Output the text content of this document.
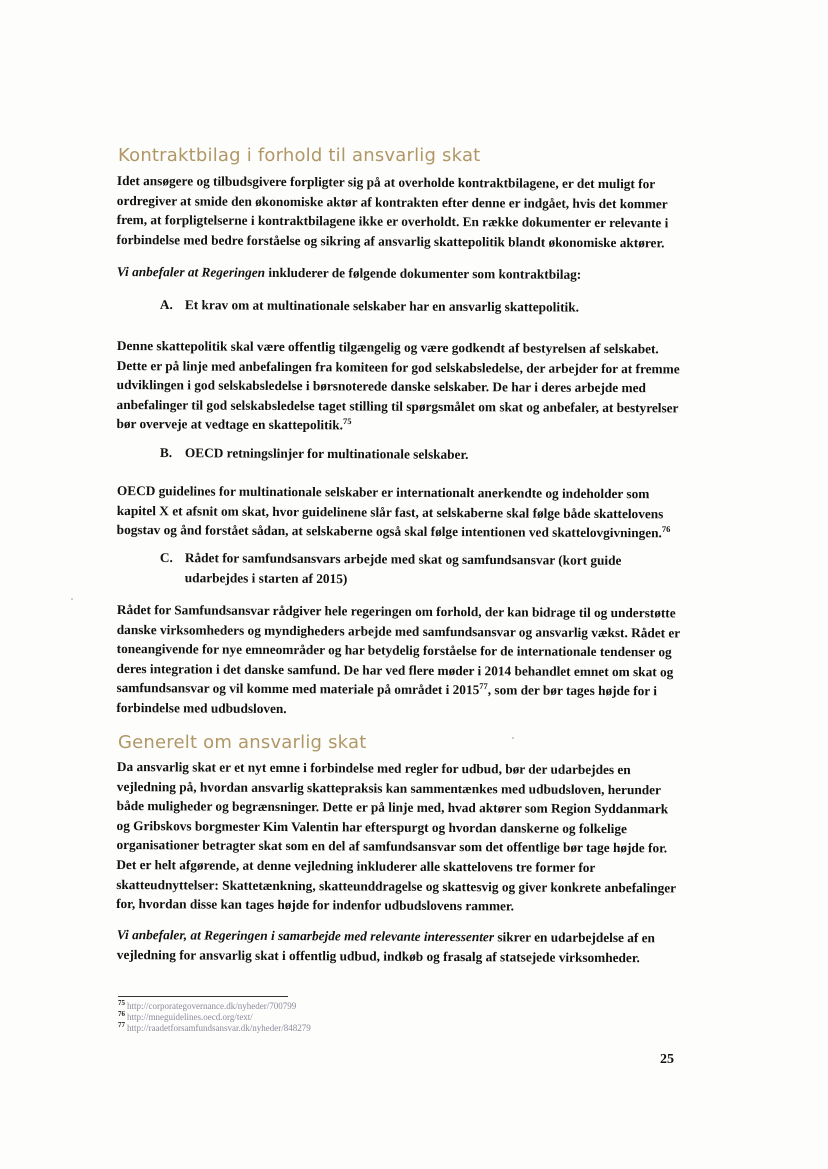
Kontraktbilag i forhold til ansvarlig skat

Idet ansøgere og tilbudsgivere forpligter sig på at overholde kontraktbilagene, er det muligt for ordregiver at smide den økonomiske aktør af kontrakten efter denne er indgået, hvis det kommer frem, at forpligtelserne i kontraktbilagene ikke er overholdt. En række dokumenter er relevante i forbindelse med bedre forståelse og sikring af ansvarlig skattepolitik blandt økonomiske aktører.

Vi anbefaler at Regeringen inkluderer de følgende dokumenter som kontraktbilag:

A. Et krav om at multinationale selskaber har en ansvarlig skattepolitik.

Denne skattepolitik skal være offentlig tilgængelig og være godkendt af bestyrelsen af selskabet. Dette er på linje med anbefalingen fra komiteen for god selskabsledelse, der arbejder for at fremme udviklingen i god selskabsledelse i børsnoterede danske selskaber. De har i deres arbejde med anbefalinger til god selskabsledelse taget stilling til spørgsmålet om skat og anbefaler, at bestyrelser bør overveje at vedtage en skattepolitik.$^{75}$

B. OECD retningslinjer for multinationale selskaber.

OECD guidelines for multinationale selskaber er internationalt anerkendte og indeholder som kapitel X et afsnit om skat, hvor guidelinene slår fast, at selskaberne skal følge både skattelovens bogstav og ånd forstået sådan, at selskaberne også skal følge intentionen ved skattelovgivningen.$^{76}$

C. Rådet for samfundsansvars arbejde med skat og samfundsansvar (kort guide udarbejdes i starten af 2015)

Rådet for Samfundsansvar rådgiver hele regeringen om forhold, der kan bidrage til og understøtte danske virksomheders og myndigheders arbejde med samfundsansvar og ansvarlig vækst. Rådet er toneangivende for nye emneområder og har betydelig forståelse for de internationale tendenser og deres integration i det danske samfund. De har ved flere møder i 2014 behandlet emnet om skat og samfundsansvar og vil komme med materiale på området i 2015$^{77}$, som der bør tages højde for i forbindelse med udbudsloven.

Generelt om ansvarlig skat

Da ansvarlig skat er et nyt emne i forbindelse med regler for udbud, bør der udarbejdes en vejledning på, hvordan ansvarlig skattepraksis kan sammentænkes med udbudsloven, herunder både muligheder og begrænsninger. Dette er på linje med, hvad aktører som Region Syddanmark og Gribskovs borgmester Kim Valentin har efterspurgt og hvordan danskerne og folkelige organisationer betragter skat som en del af samfundsansvar som det offentlige bør tage højde for. Det er helt afgørende, at denne vejledning inkluderer alle skattelovens tre former for skatteudnyttelser: Skattetænkning, skatteunddragelse og skattesvig og giver konkrete anbefalinger for, hvordan disse kan tages højde for indenfor udbudslovens rammer.

Vi anbefaler, at Regeringen i samarbejde med relevante interessenter sikrer en udarbejdelse af en vejledning for ansvarlig skat i offentlig udbud, indkøb og frasalg af statsejede virksomheder.

$^{75}$ http://corporategovernance.dk/nyheder/700799
$^{76}$ http://mneguidelines.oecd.org/text/
$^{77}$ http://raadetforsamfundsansvar.dk/nyheder/848279
25
